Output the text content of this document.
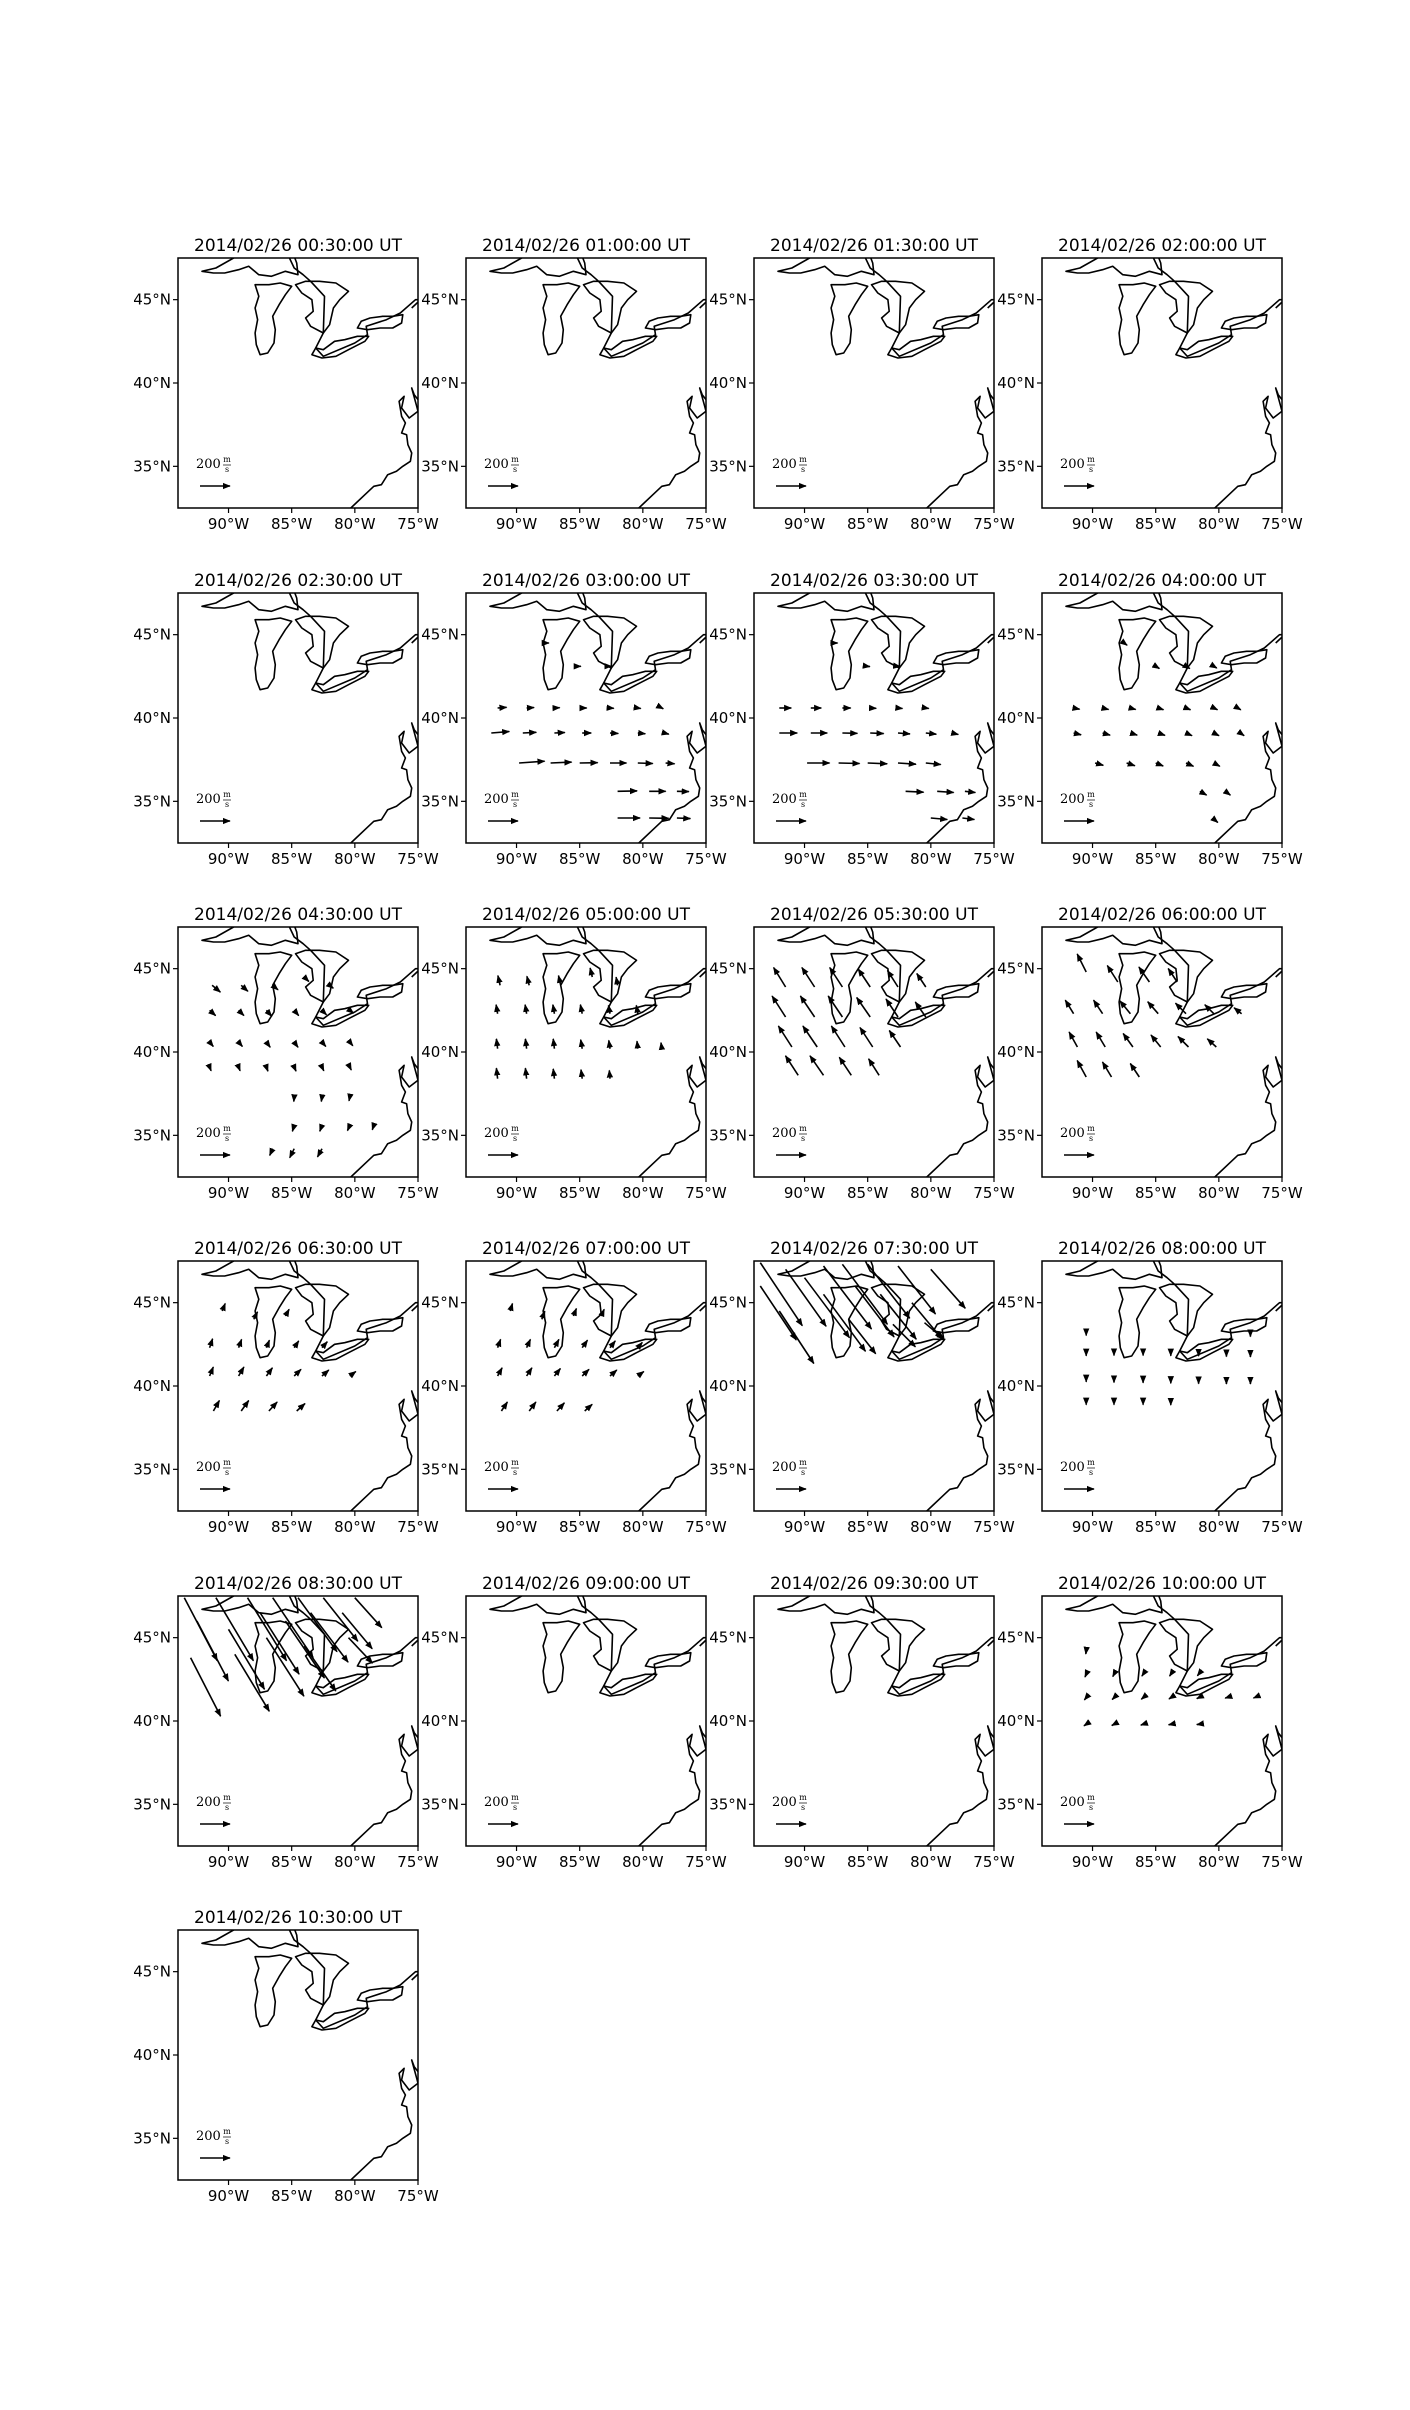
2014/02/26 00:30:00 UT
90°W 85°W 80°W 75°W
35°N
40°N
45°N
200 m
s
2014/02/26 01:00:00 UT
90°W 85°W 80°W 75°W
35°N
40°N
45°N
200 m
s
2014/02/26 01:30:00 UT
90°W 85°W 80°W 75°W
35°N
40°N
45°N
200 m
s
2014/02/26 02:00:00 UT
90°W 85°W 80°W 75°W
35°N
40°N
45°N
200 m
s
2014/02/26 02:30:00 UT
90°W 85°W 80°W 75°W
35°N
40°N
45°N
200 m
s
2014/02/26 03:00:00 UT
90°W 85°W 80°W 75°W
35°N
40°N
45°N
200 m
s
2014/02/26 03:30:00 UT
90°W 85°W 80°W 75°W
35°N
40°N
45°N
200 m
s
2014/02/26 04:00:00 UT
90°W 85°W 80°W 75°W
35°N
40°N
45°N
200 m
s
2014/02/26 04:30:00 UT
90°W 85°W 80°W 75°W
35°N
40°N
45°N
200 m
s
2014/02/26 05:00:00 UT
90°W 85°W 80°W 75°W
35°N
40°N
45°N
200 m
s
2014/02/26 05:30:00 UT
90°W 85°W 80°W 75°W
35°N
40°N
45°N
200 m
s
2014/02/26 06:00:00 UT
90°W 85°W 80°W 75°W
35°N
40°N
45°N
200 m
s
2014/02/26 06:30:00 UT
90°W 85°W 80°W 75°W
35°N
40°N
45°N
200 m
s
2014/02/26 07:00:00 UT
90°W 85°W 80°W 75°W
35°N
40°N
45°N
200 m
s
2014/02/26 07:30:00 UT
90°W 85°W 80°W 75°W
35°N
40°N
45°N
200 m
s
2014/02/26 08:00:00 UT
90°W 85°W 80°W 75°W
35°N
40°N
45°N
200 m
s
2014/02/26 08:30:00 UT
90°W 85°W 80°W 75°W
35°N
40°N
45°N
200 m
s
2014/02/26 09:00:00 UT
90°W 85°W 80°W 75°W
35°N
40°N
45°N
200 m
s
2014/02/26 09:30:00 UT
90°W 85°W 80°W 75°W
35°N
40°N
45°N
200 m
s
2014/02/26 10:00:00 UT
90°W 85°W 80°W 75°W
35°N
40°N
45°N
200 m
s
2014/02/26 10:30:00 UT
90°W 85°W 80°W 75°W
35°N
40°N
45°N
200 m
s
